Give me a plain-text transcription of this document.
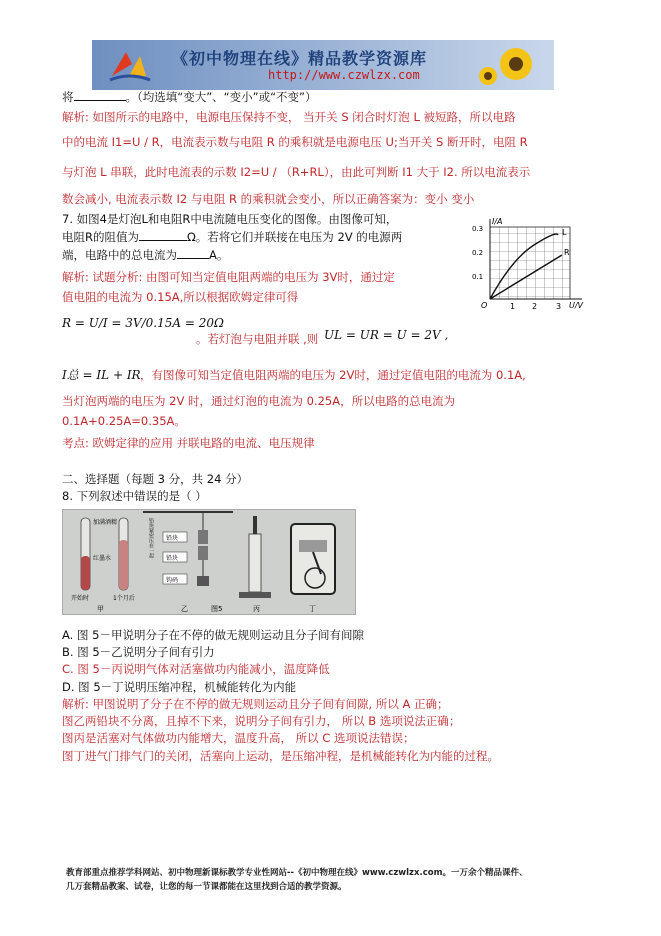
《初中物理在线》精品教学资源库
http://www.czwlzx.com
将	。（均选填“变大”、“变小”或“不变”）
解析: 如图所示的电路中，电源电压保持不变， 当开关 S 闭合时灯泡 L 被短路，所以电路
中的电流 I1=U / R，电流表示数与电阻 R 的乘积就是电源电压 U;当开关 S 断开时，电阻 R
与灯泡 L 串联，此时电流表的示数 I2=U / （R+RL），由此可判断 I1 大于 I2. 所以电流表示
数会减小, 电流表示数 I2 与电阻 R 的乘积就会变小，所以正确答案为：变小 变小
7. 如图4是灯泡L和电阻R中电流随电压变化的图像。由图像可知，
电阻R的阻值为	Ω。若将它们并联接在电压为 2V 的电源两
端，电路中的总电流为	A。
解析: 试题分析: 由图可知当定值电阻两端的电压为 3V时，通过定
值电阻的电流为 0.15A,所以根据欧姆定律可得
I/A
U/V
O	1 2 3
0.1
0.2
0.3	L
R
R = U/I = 3V/0.15A = 20Ω
。若灯泡与电阻并联 ,则 UL = UR = U = 2V ,
I总 = IL + IR ，有图像可知当定值电阻两端的电压为 2V时，通过定值电阻的电流为 0.1A,
当灯泡两端的电压为 2V 时，通过灯泡的电流为 0.25A，所以电路的总电流为
0.1A+0.25A=0.35A。
考点: 欧姆定律的应用 并联电路的电流、电压规律
二、选择题（每题 3 分，共 24 分）
8. 下列叙述中错误的是（ ）
加满酒精
红墨水
开始时	1个月后
甲
铅块
铅块
钩码
铅块紧密压在一起
乙	图5	丙	丁
A. 图 5－甲说明分子在不停的做无规则运动且分子间有间隙
B. 图 5－乙说明分子间有引力
C. 图 5－丙说明气体对活塞做功内能减小，温度降低
D. 图 5－丁说明压缩冲程，机械能转化为内能
解析: 甲图说明了分子在不停的做无规则运动且分子间有间隙, 所以 A 正确；
图乙两铅块不分离，且掉不下来，说明分子间有引力， 所以 B 选项说法正确；
图丙是活塞对气体做功内能增大，温度升高， 所以 C 选项说法错误；
图丁进气门排气门的关闭，活塞向上运动，是压缩冲程，是机械能转化为内能的过程。
教育部重点推荐学科网站、初中物理新课标教学专业性网站--《初中物理在线》www.czwlzx.com。一万余个精品课件、
几万套精品教案、试卷，让您的每一节课都能在这里找到合适的教学资源。
